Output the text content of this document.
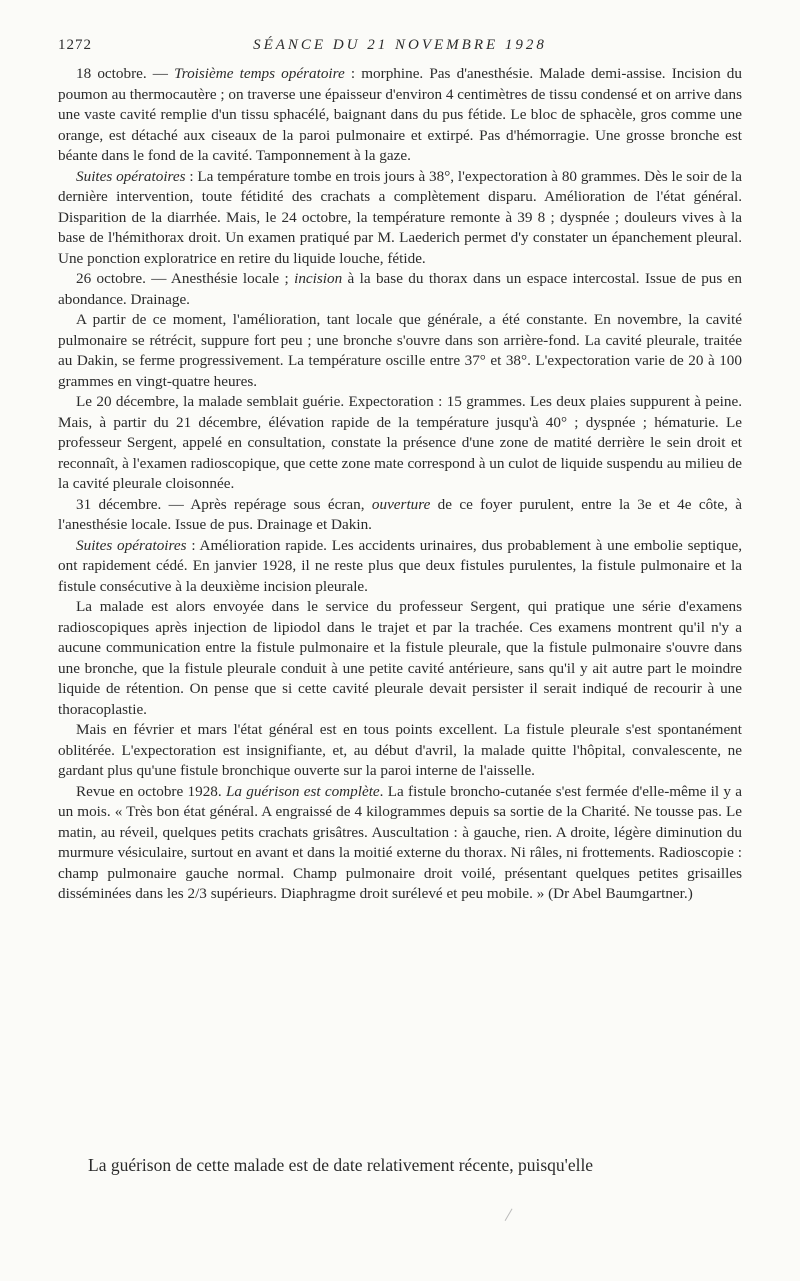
1272	SÉANCE DU 21 NOVEMBRE 1928

18 octobre. — Troisième temps opératoire : morphine. Pas d'anesthésie. Malade demi-assise. Incision du poumon au thermocautère ; on traverse une épaisseur d'environ 4 centimètres de tissu condensé et on arrive dans une vaste cavité remplie d'un tissu sphacélé, baignant dans du pus fétide. Le bloc de sphacèle, gros comme une orange, est détaché aux ciseaux de la paroi pulmonaire et extirpé. Pas d'hémorragie. Une grosse bronche est béante dans le fond de la cavité. Tamponnement à la gaze.

Suites opératoires : La température tombe en trois jours à 38°, l'expectoration à 80 grammes. Dès le soir de la dernière intervention, toute fétidité des crachats a complètement disparu. Amélioration de l'état général. Disparition de la diarrhée. Mais, le 24 octobre, la température remonte à 39 8 ; dyspnée ; douleurs vives à la base de l'hémithorax droit. Un examen pratiqué par M. Laederich permet d'y constater un épanchement pleural. Une ponction exploratrice en retire du liquide louche, fétide.

26 octobre. — Anesthésie locale ; incision à la base du thorax dans un espace intercostal. Issue de pus en abondance. Drainage.

A partir de ce moment, l'amélioration, tant locale que générale, a été constante. En novembre, la cavité pulmonaire se rétrécit, suppure fort peu ; une bronche s'ouvre dans son arrière-fond. La cavité pleurale, traitée au Dakin, se ferme progressivement. La température oscille entre 37° et 38°. L'expectoration varie de 20 à 100 grammes en vingt-quatre heures.

Le 20 décembre, la malade semblait guérie. Expectoration : 15 grammes. Les deux plaies suppurent à peine. Mais, à partir du 21 décembre, élévation rapide de la température jusqu'à 40° ; dyspnée ; hématurie. Le professeur Sergent, appelé en consultation, constate la présence d'une zone de matité derrière le sein droit et reconnaît, à l'examen radioscopique, que cette zone mate correspond à un culot de liquide suspendu au milieu de la cavité pleurale cloisonnée.

31 décembre. — Après repérage sous écran, ouverture de ce foyer purulent, entre la 3e et 4e côte, à l'anesthésie locale. Issue de pus. Drainage et Dakin.

Suites opératoires : Amélioration rapide. Les accidents urinaires, dus probablement à une embolie septique, ont rapidement cédé. En janvier 1928, il ne reste plus que deux fistules purulentes, la fistule pulmonaire et la fistule consécutive à la deuxième incision pleurale.

La malade est alors envoyée dans le service du professeur Sergent, qui pratique une série d'examens radioscopiques après injection de lipiodol dans le trajet et par la trachée. Ces examens montrent qu'il n'y a aucune communication entre la fistule pulmonaire et la fistule pleurale, que la fistule pulmonaire s'ouvre dans une bronche, que la fistule pleurale conduit à une petite cavité antérieure, sans qu'il y ait autre part le moindre liquide de rétention. On pense que si cette cavité pleurale devait persister il serait indiqué de recourir à une thoracoplastie.

Mais en février et mars l'état général est en tous points excellent. La fistule pleurale s'est spontanément oblitérée. L'expectoration est insignifiante, et, au début d'avril, la malade quitte l'hôpital, convalescente, ne gardant plus qu'une fistule bronchique ouverte sur la paroi interne de l'aisselle.

Revue en octobre 1928. La guérison est complète. La fistule broncho-cutanée s'est fermée d'elle-même il y a un mois. « Très bon état général. A engraissé de 4 kilogrammes depuis sa sortie de la Charité. Ne tousse pas. Le matin, au réveil, quelques petits crachats grisâtres. Auscultation : à gauche, rien. A droite, légère diminution du murmure vésiculaire, surtout en avant et dans la moitié externe du thorax. Ni râles, ni frottements. Radioscopie : champ pulmonaire gauche normal. Champ pulmonaire droit voilé, présentant quelques petites grisailles disséminées dans les 2/3 supérieurs. Diaphragme droit surélevé et peu mobile. » (Dr Abel Baumgartner.)

La guérison de cette malade est de date relativement récente, puisqu'elle
